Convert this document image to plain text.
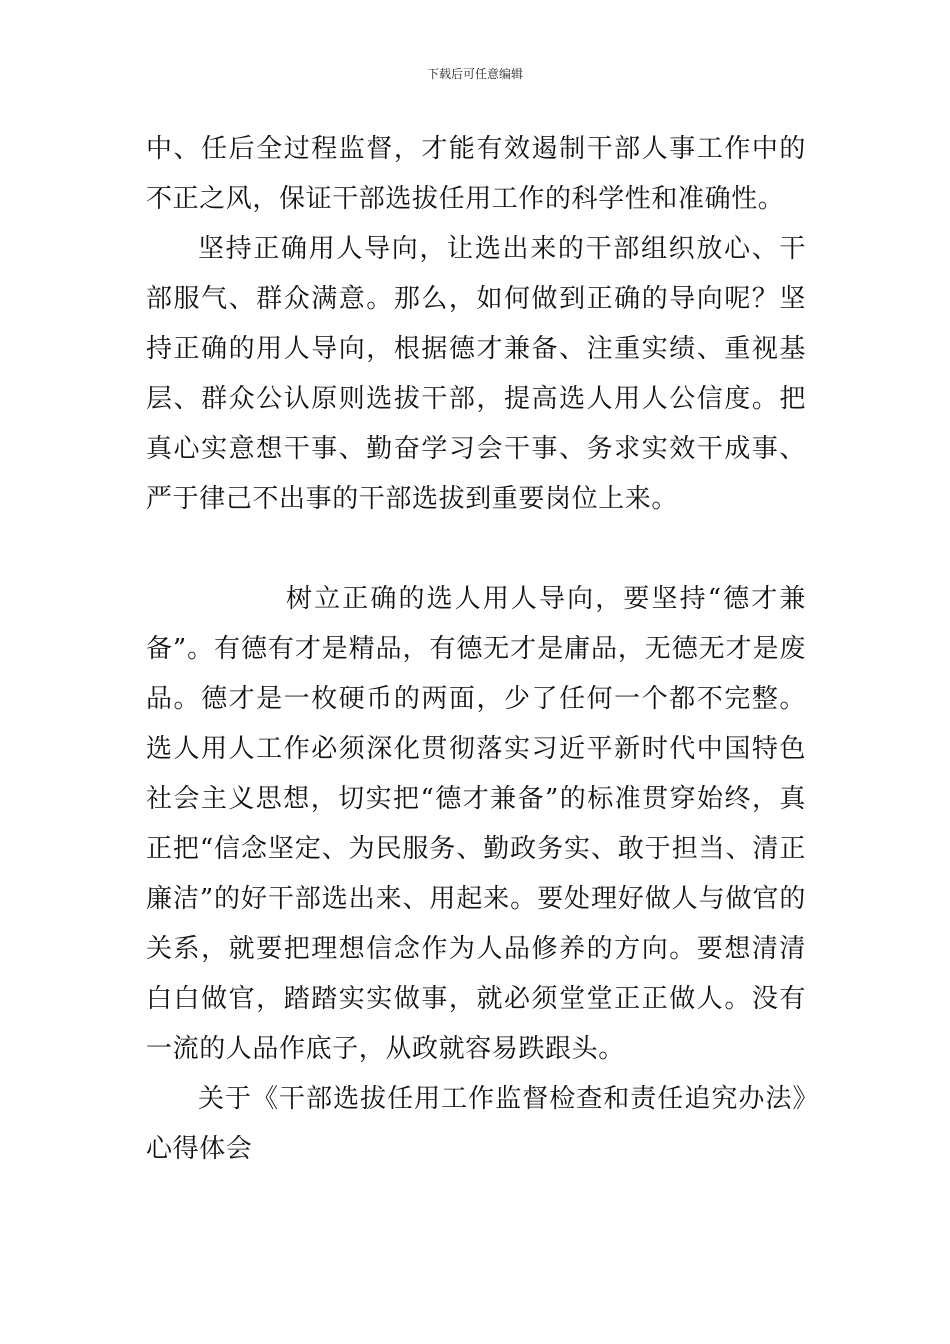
下载后可任意编辑

中、任后全过程监督，才能有效遏制干部人事工作中的不正之风，保证干部选拔任用工作的科学性和准确性。

坚持正确用人导向，让选出来的干部组织放心、干部服气、群众满意。那么，如何做到正确的导向呢？坚持正确的用人导向，根据德才兼备、注重实绩、重视基层、群众公认原则选拔干部，提高选人用人公信度。把真心实意想干事、勤奋学习会干事、务求实效干成事、严于律己不出事的干部选拔到重要岗位上来。

树立正确的选人用人导向，要坚持“德才兼备”。有德有才是精品，有德无才是庸品，无德无才是废品。德才是一枚硬币的两面，少了任何一个都不完整。选人用人工作必须深化贯彻落实习近平新时代中国特色社会主义思想，切实把“德才兼备”的标准贯穿始终，真正把“信念坚定、为民服务、勤政务实、敢于担当、清正廉洁”的好干部选出来、用起来。要处理好做人与做官的关系，就要把理想信念作为人品修养的方向。要想清清白白做官，踏踏实实做事，就必须堂堂正正做人。没有一流的人品作底子，从政就容易跌跟头。

关于《干部选拔任用工作监督检查和责任追究办法》心得体会
